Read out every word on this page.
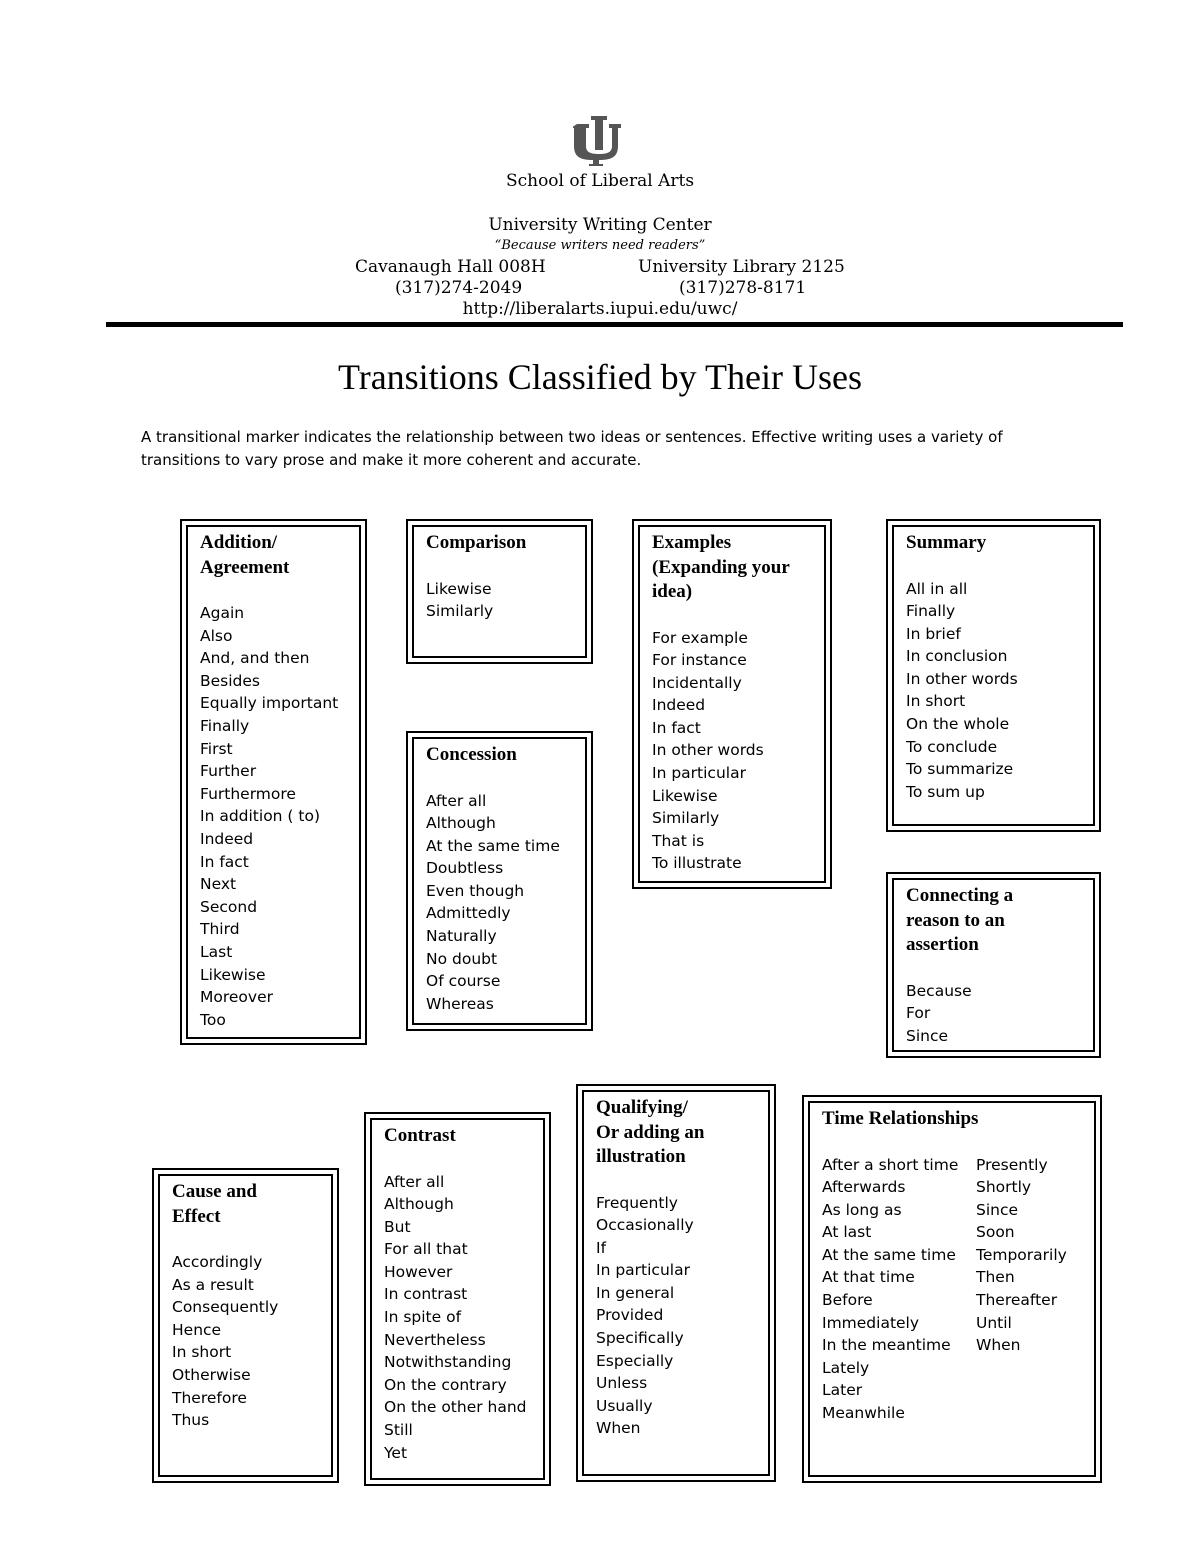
School of Liberal Arts
University Writing Center
“Because writers need readers”
Cavanaugh Hall 008H	University Library 2125
(317)274-2049	(317)278-8171
http://liberalarts.iupui.edu/uwc/
Transitions Classified by Their Uses
A transitional marker indicates the relationship between two ideas or sentences. Effective writing uses a variety of transitions to vary prose and make it more coherent and accurate.
Addition/
Agreement
Again
Also
And, and then
Besides
Equally important
Finally
First
Further
Furthermore
In addition ( to)
Indeed
In fact
Next
Second
Third
Last
Likewise
Moreover
Too
Comparison
Likewise
Similarly
Concession
After all
Although
At the same time
Doubtless
Even though
Admittedly
Naturally
No doubt
Of course
Whereas
Examples
(Expanding your
idea)
For example
For instance
Incidentally
Indeed
In fact
In other words
In particular
Likewise
Similarly
That is
To illustrate
Summary
All in all
Finally
In brief
In conclusion
In other words
In short
On the whole
To conclude
To summarize
To sum up
Connecting a
reason to an
assertion
Because
For
Since
Cause and
Effect
Accordingly
As a result
Consequently
Hence
In short
Otherwise
Therefore
Thus
Contrast
After all
Although
But
For all that
However
In contrast
In spite of
Nevertheless
Notwithstanding
On the contrary
On the other hand
Still
Yet
Qualifying/
Or adding an
illustration
Frequently
Occasionally
If
In particular
In general
Provided
Specifically
Especially
Unless
Usually
When
Time Relationships
After a short time
Afterwards
As long as
At last
At the same time
At that time
Before
Immediately
In the meantime
Lately
Later
Meanwhile
Presently
Shortly
Since
Soon
Temporarily
Then
Thereafter
Until
When
